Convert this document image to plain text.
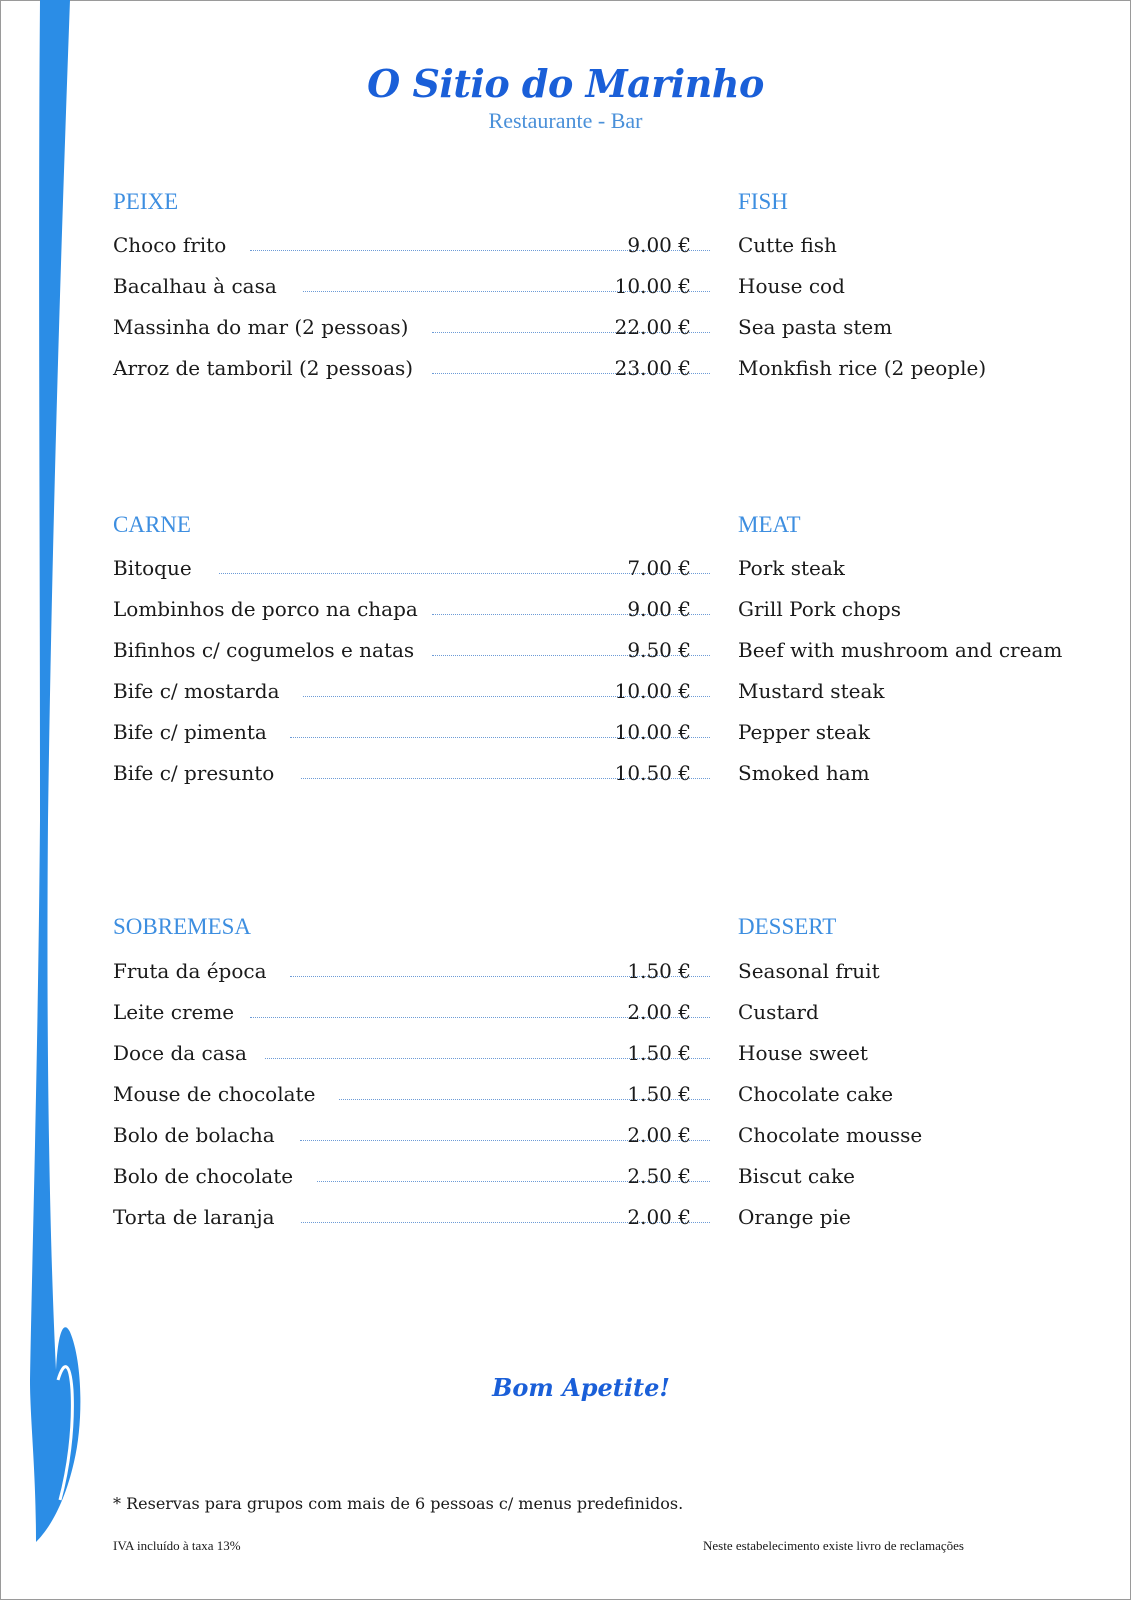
O Sitio do Marinho
Restaurante - Bar
PEIXE	FISH
Choco frito	9.00 € Cutte fish
Bacalhau à casa	10.00 € House cod
Massinha do mar (2 pessoas)	22.00 € Sea pasta stem
Arroz de tamboril (2 pessoas)	23.00 € Monkfish rice (2 people)
CARNE	MEAT
Bitoque	7.00 € Pork steak
Lombinhos de porco na chapa	9.00 € Grill Pork chops
Bifinhos c/ cogumelos e natas	9.50 € Beef with mushroom and cream
Bife c/ mostarda	10.00 € Mustard steak
Bife c/ pimenta	10.00 € Pepper steak
Bife c/ presunto	10.50 € Smoked ham
SOBREMESA	DESSERT
Fruta da época	1.50 € Seasonal fruit
Leite creme	2.00 € Custard
Doce da casa	1.50 € House sweet
Mouse de chocolate	1.50 € Chocolate cake
Bolo de bolacha	2.00 € Chocolate mousse
Bolo de chocolate	2.50 € Biscut cake
Torta de laranja	2.00 € Orange pie
Bom Apetite!
* Reservas para grupos com mais de 6 pessoas c/ menus predefinidos.
IVA incluído à taxa 13%	Neste estabelecimento existe livro de reclamações
